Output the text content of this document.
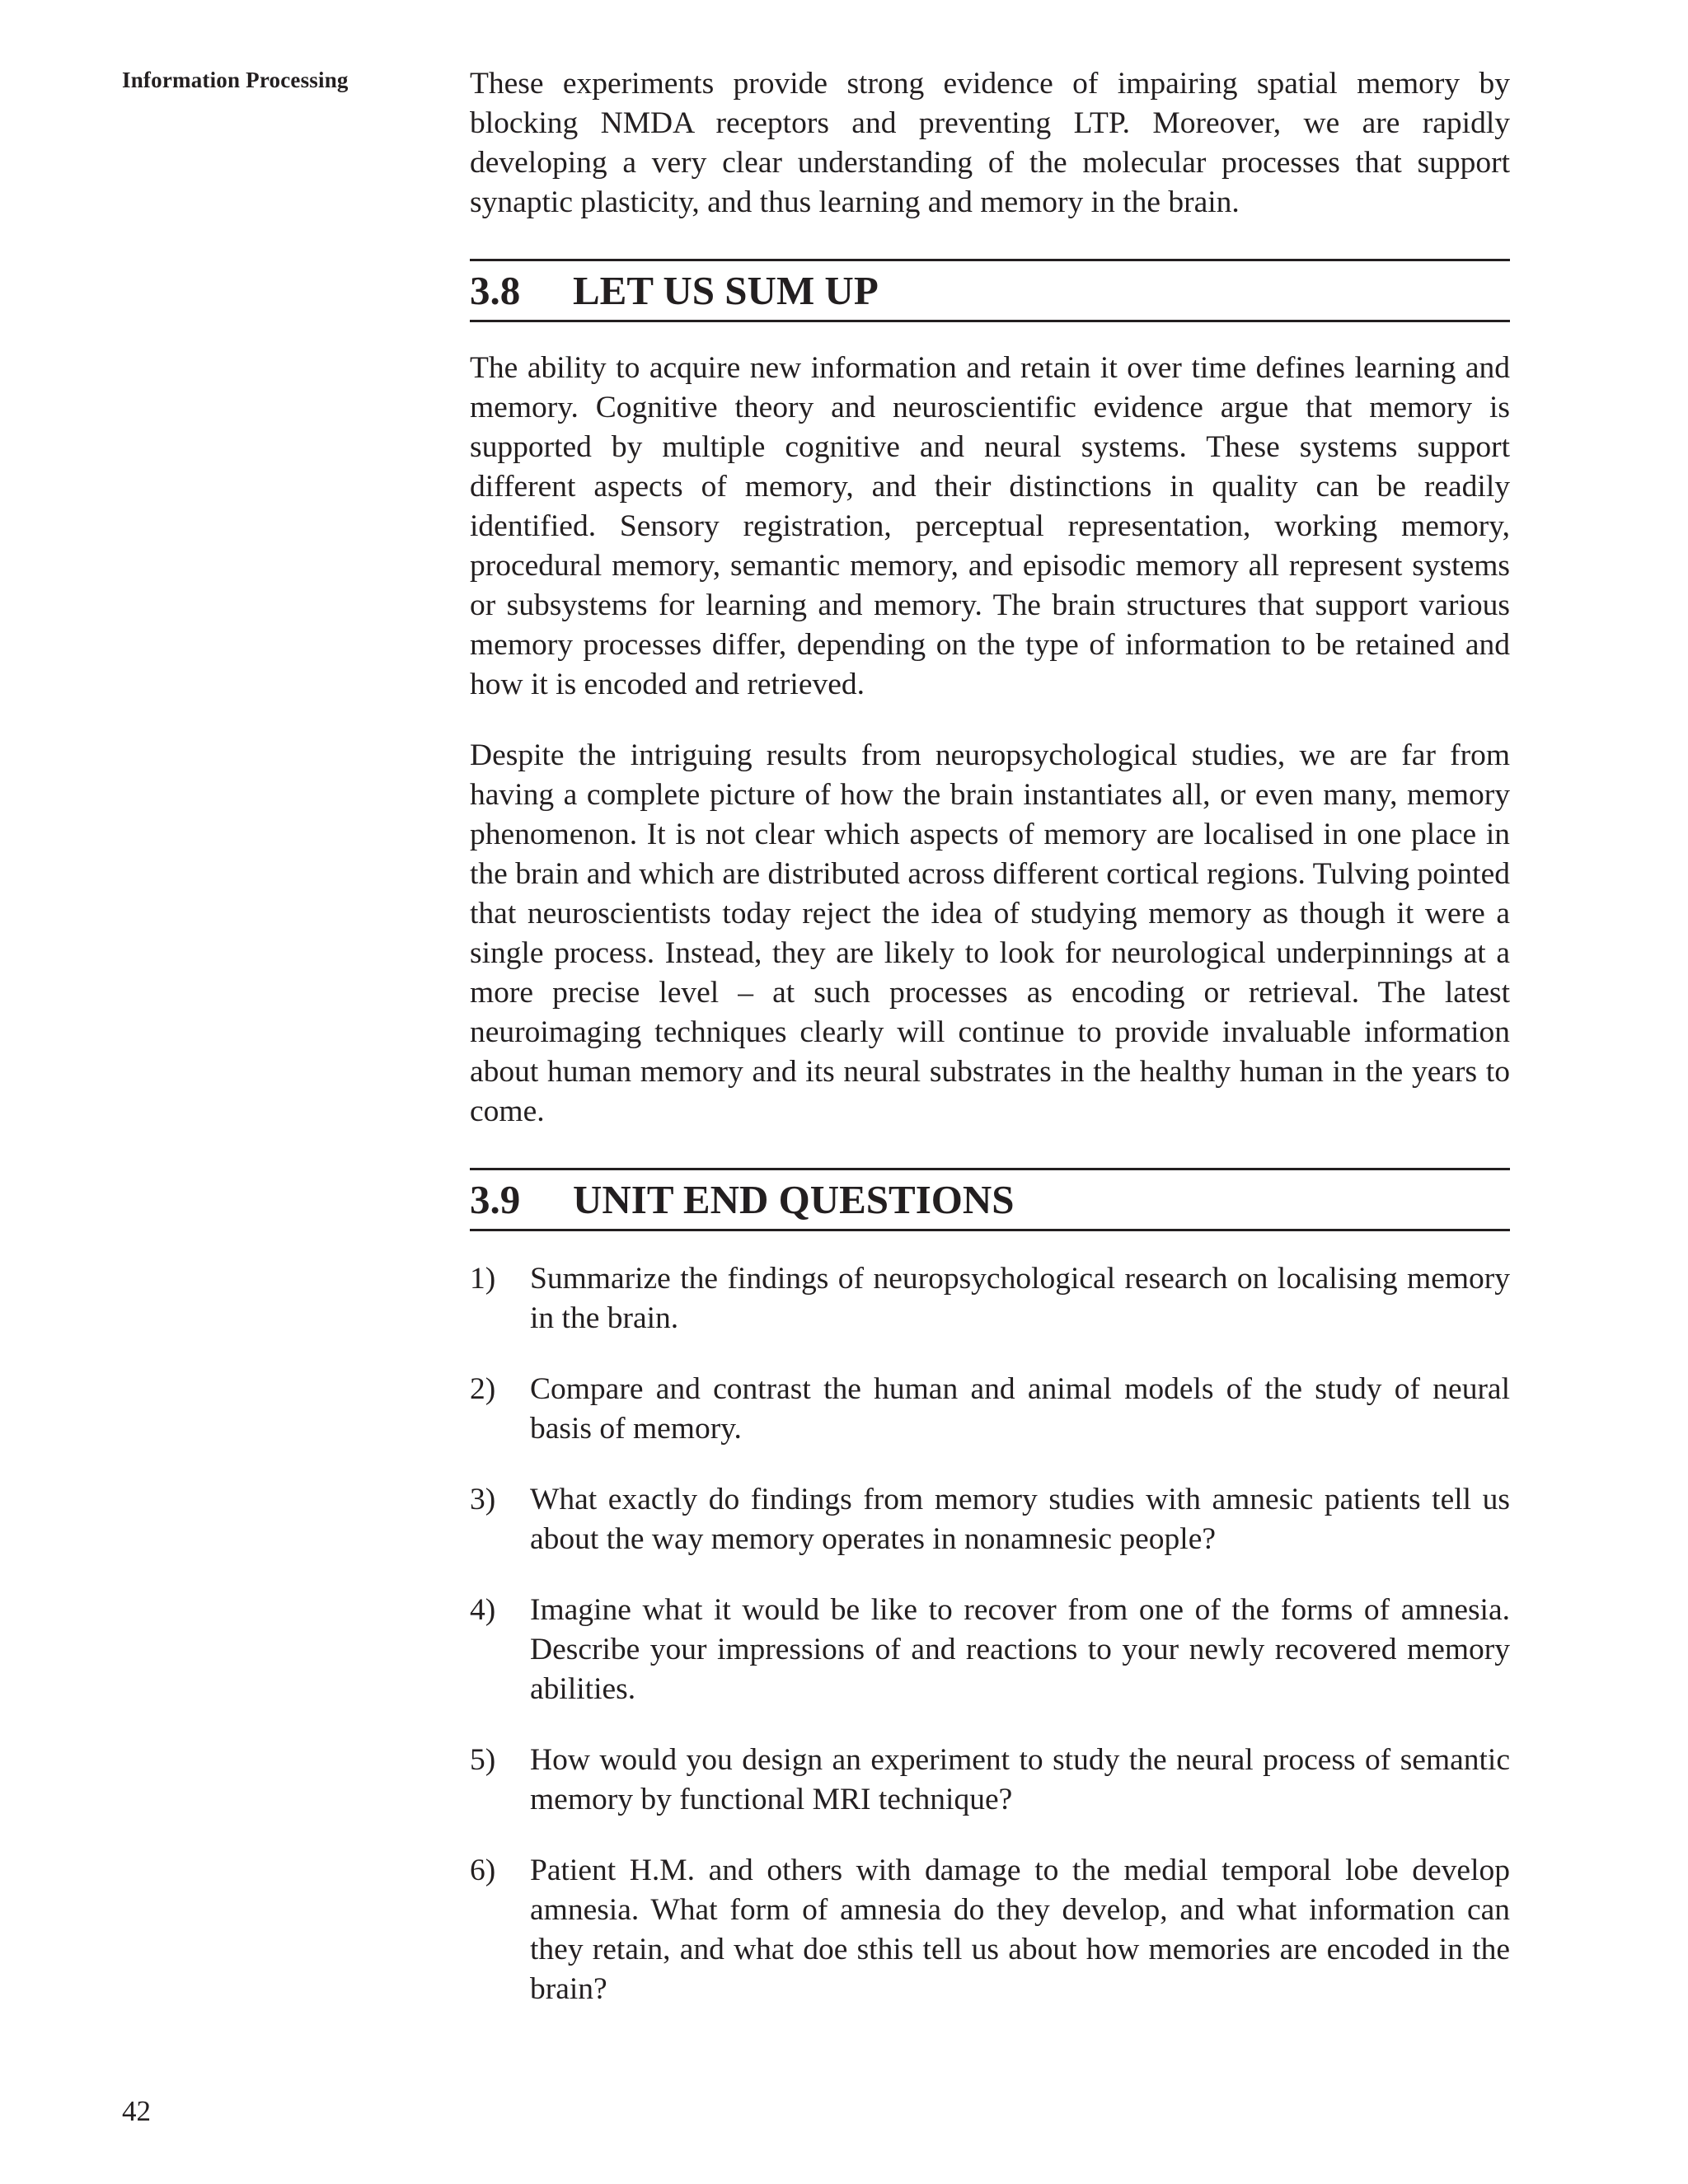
Information Processing	These experiments provide strong evidence of impairing spatial memory by blocking NMDA receptors and preventing LTP. Moreover, we are rapidly developing a very clear understanding of the molecular processes that support synaptic plasticity, and thus learning and memory in the brain.

3.8	LET US SUM UP

The ability to acquire new information and retain it over time defines learning and memory. Cognitive theory and neuroscientific evidence argue that memory is supported by multiple cognitive and neural systems. These systems support different aspects of memory, and their distinctions in quality can be readily identified. Sensory registration, perceptual representation, working memory, procedural memory, semantic memory, and episodic memory all represent systems or subsystems for learning and memory. The brain structures that support various memory processes differ, depending on the type of information to be retained and how it is encoded and retrieved.

Despite the intriguing results from neuropsychological studies, we are far from having a complete picture of how the brain instantiates all, or even many, memory phenomenon. It is not clear which aspects of memory are localised in one place in the brain and which are distributed across different cortical regions. Tulving pointed that neuroscientists today reject the idea of studying memory as though it were a single process. Instead, they are likely to look for neurological underpinnings at a more precise level – at such processes as encoding or retrieval. The latest neuroimaging techniques clearly will continue to provide invaluable information about human memory and its neural substrates in the healthy human in the years to come.

3.9	UNIT END QUESTIONS
1)	Summarize the findings of neuropsychological research on localising memory in the brain.
2)	Compare and contrast the human and animal models of the study of neural basis of memory.
3)	What exactly do findings from memory studies with amnesic patients tell us about the way memory operates in nonamnesic people?
4)	Imagine what it would be like to recover from one of the forms of amnesia. Describe your impressions of and reactions to your newly recovered memory abilities.
5)	How would you design an experiment to study the neural process of semantic memory by functional MRI technique?
6)	Patient H.M. and others with damage to the medial temporal lobe develop amnesia. What form of amnesia do they develop, and what information can they retain, and what doe sthis tell us about how memories are encoded in the brain?
42
